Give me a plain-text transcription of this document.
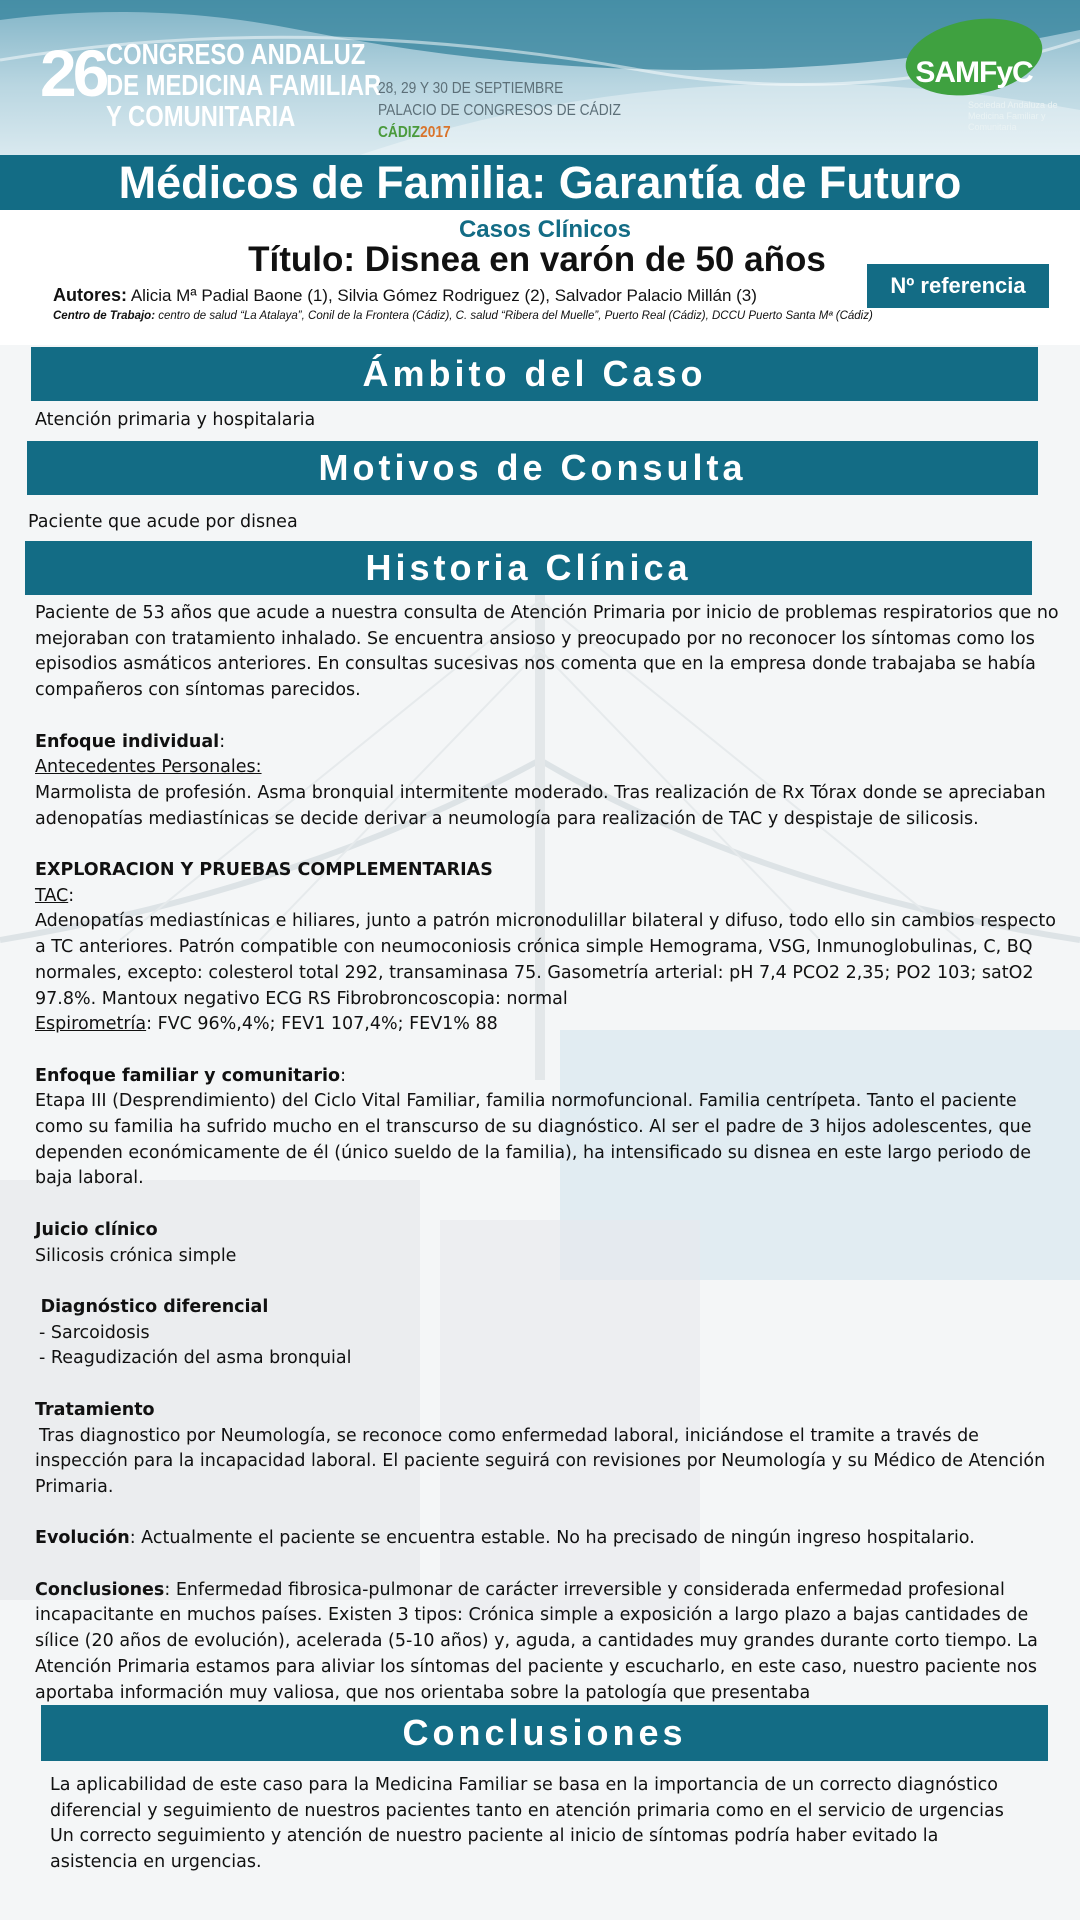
26 CONGRESO ANDALUZ
DE MEDICINA FAMILIAR
Y COMUNITARIA
28, 29 Y 30 DE SEPTIEMBRE
PALACIO DE CONGRESOS DE CÁDIZ
CÁDIZ2017
SAMFyC
Sociedad Andaluza de Medicina Familiar y Comunitaria
Médicos de Familia: Garantía de Futuro
Casos Clínicos
Título: Disnea en varón de 50 años
Nº referencia
Autores: Alicia Mª Padial Baone (1), Silvia Gómez Rodriguez (2), Salvador Palacio Millán (3)
Centro de Trabajo: centro de salud “La Atalaya”, Conil de la Frontera (Cádiz), C. salud “Ribera del Muelle”, Puerto Real (Cádiz), DCCU Puerto Santa Mª (Cádiz)
Ámbito del Caso
Atención primaria y hospitalaria
Motivos de Consulta
Paciente que acude por disnea
Historia Clínica

Paciente de 53 años que acude a nuestra consulta de Atención Primaria por inicio de problemas respiratorios que no mejoraban con tratamiento inhalado. Se encuentra ansioso y preocupado por no reconocer los síntomas como los episodios asmáticos anteriores. En consultas sucesivas nos comenta que en la empresa donde trabajaba se había compañeros con síntomas parecidos.

Enfoque individual:

Antecedentes Personales:

Marmolista de profesión. Asma bronquial intermitente moderado. Tras realización de Rx Tórax donde se apreciaban adenopatías mediastínicas se decide derivar a neumología para realización de TAC y despistaje de silicosis.

EXPLORACION Y PRUEBAS COMPLEMENTARIAS

TAC:

Adenopatías mediastínicas e hiliares, junto a patrón micronodulillar bilateral y difuso, todo ello sin cambios respecto a TC anteriores. Patrón compatible con neumoconiosis crónica simple Hemograma, VSG, Inmunoglobulinas, C, BQ normales, excepto: colesterol total 292, transaminasa 75. Gasometría arterial: pH 7,4 PCO2 2,35; PO2 103; satO2 97.8%. Mantoux negativo ECG RS Fibrobroncoscopia: normal

Espirometría: FVC 96%,4%; FEV1 107,4%; FEV1% 88

Enfoque familiar y comunitario:

Etapa III (Desprendimiento) del Ciclo Vital Familiar, familia normofuncional. Familia centrípeta. Tanto el paciente como su familia ha sufrido mucho en el transcurso de su diagnóstico. Al ser el padre de 3 hijos adolescentes, que dependen económicamente de él (único sueldo de la familia), ha intensificado su disnea en este largo periodo de baja laboral.

Juicio clínico

Silicosis crónica simple

Diagnóstico diferencial

- Sarcoidosis

- Reagudización del asma bronquial

Tratamiento

Tras diagnostico por Neumología, se reconoce como enfermedad laboral, iniciándose el tramite a través de inspección para la incapacidad laboral. El paciente seguirá con revisiones por Neumología y su Médico de Atención Primaria.

Evolución: Actualmente el paciente se encuentra estable. No ha precisado de ningún ingreso hospitalario.

Conclusiones: Enfermedad fibrosica-pulmonar de carácter irreversible y considerada enfermedad profesional incapacitante en muchos países. Existen 3 tipos: Crónica simple a exposición a largo plazo a bajas cantidades de sílice (20 años de evolución), acelerada (5-10 años) y, aguda, a cantidades muy grandes durante corto tiempo. La Atención Primaria estamos para aliviar los síntomas del paciente y escucharlo, en este caso, nuestro paciente nos aportaba información muy valiosa, que nos orientaba sobre la patología que presentaba

Conclusiones
La aplicabilidad de este caso para la Medicina Familiar se basa en la importancia de un correcto diagnóstico diferencial y seguimiento de nuestros pacientes tanto en atención primaria como en el servicio de urgencias Un correcto seguimiento y atención de nuestro paciente al inicio de síntomas podría haber evitado la asistencia en urgencias.
